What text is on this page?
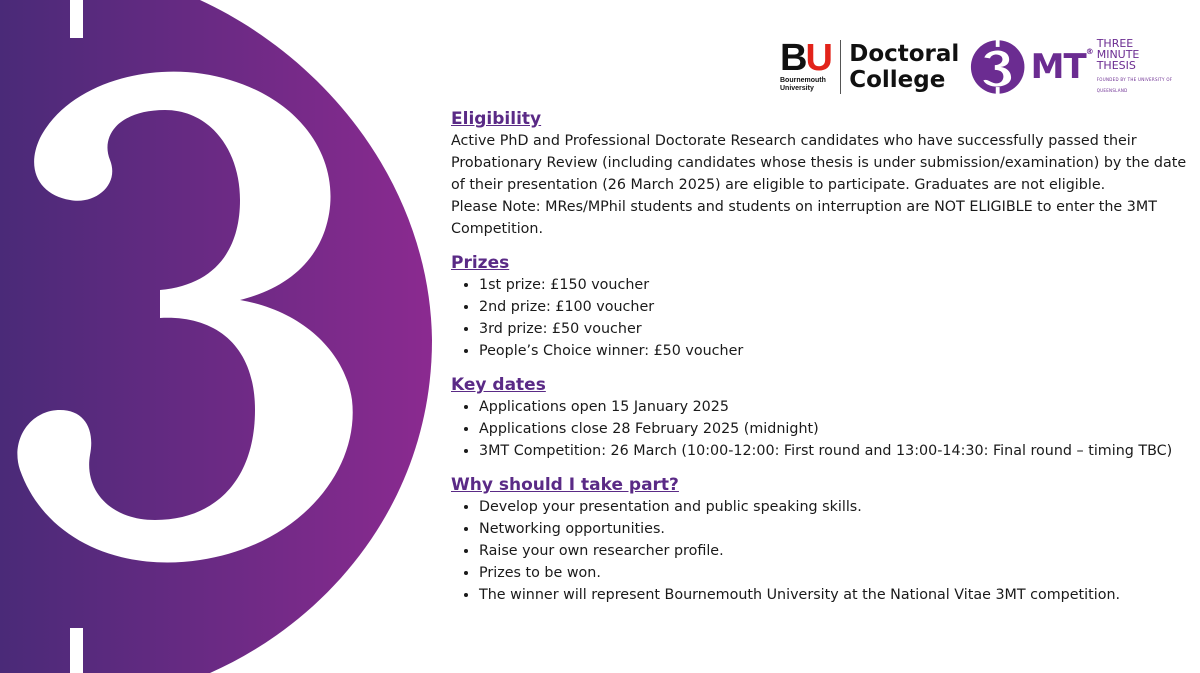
BU
Bournemouth
University
Doctoral
College	MT®
THREE
MINUTE
THESIS
FOUNDED BY THE UNIVERSITY OF QUEENSLAND
Eligibility

Active PhD and Professional Doctorate Research candidates who have successfully passed their Probationary Review (including candidates whose thesis is under submission/examination) by the date of their presentation (26 March 2025) are eligible to participate. Graduates are not eligible.

Please Note: MRes/MPhil students and students on interruption are NOT ELIGIBLE to enter the 3MT Competition.

Prizes
• 1st prize: £150 voucher
• 2nd prize: £100 voucher
• 3rd prize: £50 voucher
• People’s Choice winner: £50 voucher
Key dates
• Applications open 15 January 2025
• Applications close 28 February 2025 (midnight)
• 3MT Competition: 26 March (10:00-12:00: First round and 13:00-14:30: Final round – timing TBC)
Why should I take part?
• Develop your presentation and public speaking skills.
• Networking opportunities.
• Raise your own researcher profile.
• Prizes to be won.
• The winner will represent Bournemouth University at the National Vitae 3MT competition.
